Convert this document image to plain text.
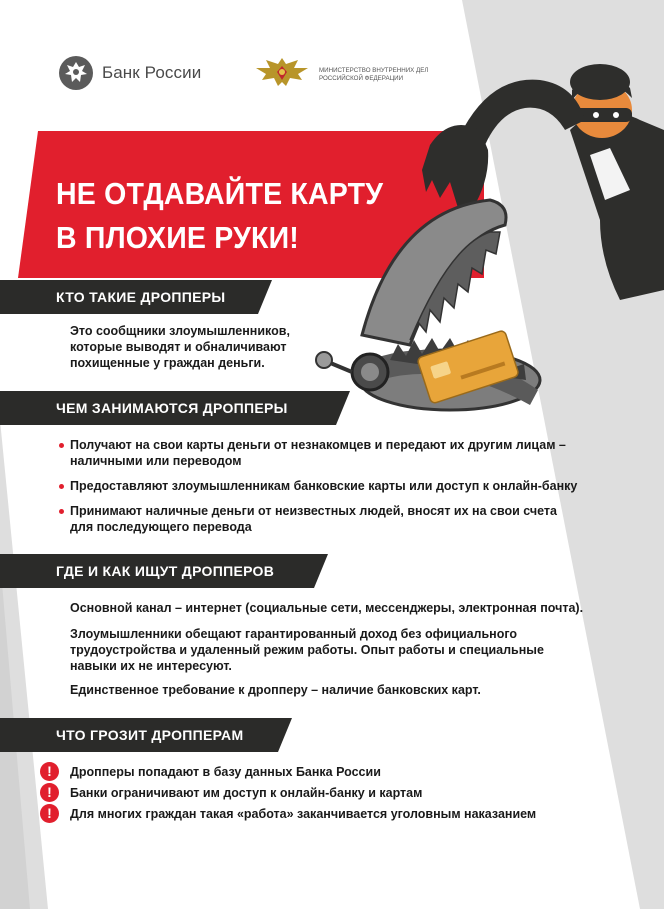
Банк России	МИНИСТЕРСТВО ВНУТРЕННИХ ДЕЛ
РОССИЙСКОЙ ФЕДЕРАЦИИ
НЕ ОТДАВАЙТЕ КАРТУ
В ПЛОХИЕ РУКИ!
КТО ТАКИЕ ДРОППЕРЫ
Это сообщники злоумышленников,
которые выводят и обналичивают
похищенные у граждан деньги.
ЧЕМ ЗАНИМАЮТСЯ ДРОППЕРЫ
Получают на свои карты деньги от незнакомцев и передают их другим лицам –
наличными или переводом
Предоставляют злоумышленникам банковские карты или доступ к онлайн-банку
Принимают наличные деньги от неизвестных людей, вносят их на свои счета
для последующего перевода
ГДЕ И КАК ИЩУТ ДРОППЕРОВ
Основной канал – интернет (социальные сети, мессенджеры, электронная почта).
Злоумышленники обещают гарантированный доход без официального
трудоустройства и удаленный режим работы. Опыт работы и специальные
навыки их не интересуют.
Единственное требование к дропперу – наличие банковских карт.
ЧТО ГРОЗИТ ДРОППЕРАМ
!	Дропперы попадают в базу данных Банка России
!	Банки ограничивают им доступ к онлайн-банку и картам
!	Для многих граждан такая «работа» заканчивается уголовным наказанием
